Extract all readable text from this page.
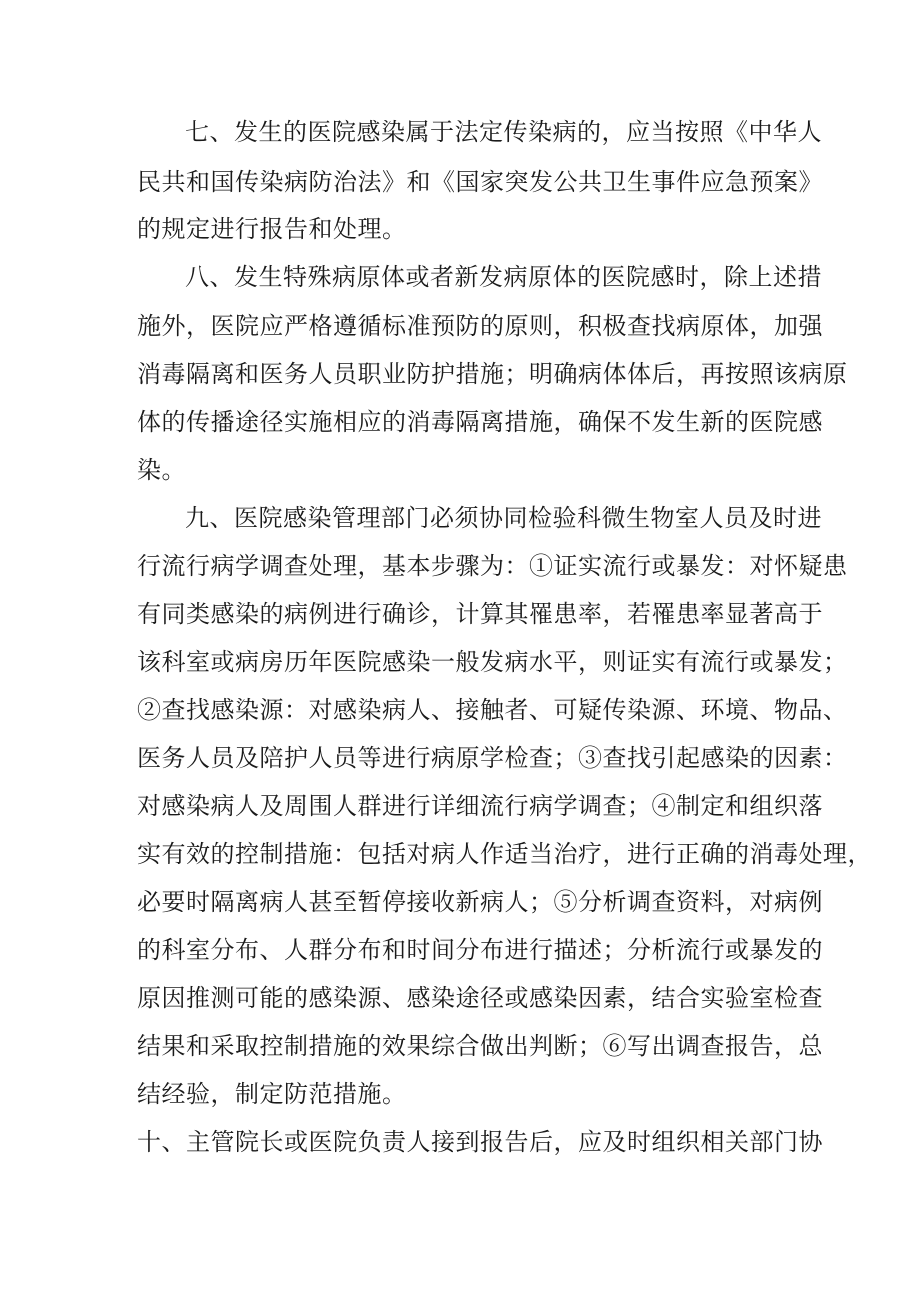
七、发生的医院感染属于法定传染病的，应当按照《中华人
民共和国传染病防治法》和《国家突发公共卫生事件应急预案》
的规定进行报告和处理。
八、发生特殊病原体或者新发病原体的医院感时，除上述措
施外，医院应严格遵循标准预防的原则，积极查找病原体，加强
消毒隔离和医务人员职业防护措施；明确病体体后，再按照该病原
体的传播途径实施相应的消毒隔离措施，确保不发生新的医院感
染。
九、医院感染管理部门必须协同检验科微生物室人员及时进
行流行病学调查处理，基本步骤为：①证实流行或暴发：对怀疑患
有同类感染的病例进行确诊，计算其罹患率，若罹患率显著高于
该科室或病房历年医院感染一般发病水平，则证实有流行或暴发；
②查找感染源：对感染病人、接触者、可疑传染源、环境、物品、
医务人员及陪护人员等进行病原学检查；③查找引起感染的因素：
对感染病人及周围人群进行详细流行病学调查；④制定和组织落
实有效的控制措施：包括对病人作适当治疗，进行正确的消毒处理，
必要时隔离病人甚至暂停接收新病人；⑤分析调查资料，对病例
的科室分布、人群分布和时间分布进行描述；分析流行或暴发的
原因推测可能的感染源、感染途径或感染因素，结合实验室检查
结果和采取控制措施的效果综合做出判断；⑥写出调查报告，总
结经验，制定防范措施。
十、主管院长或医院负责人接到报告后，应及时组织相关部门协
